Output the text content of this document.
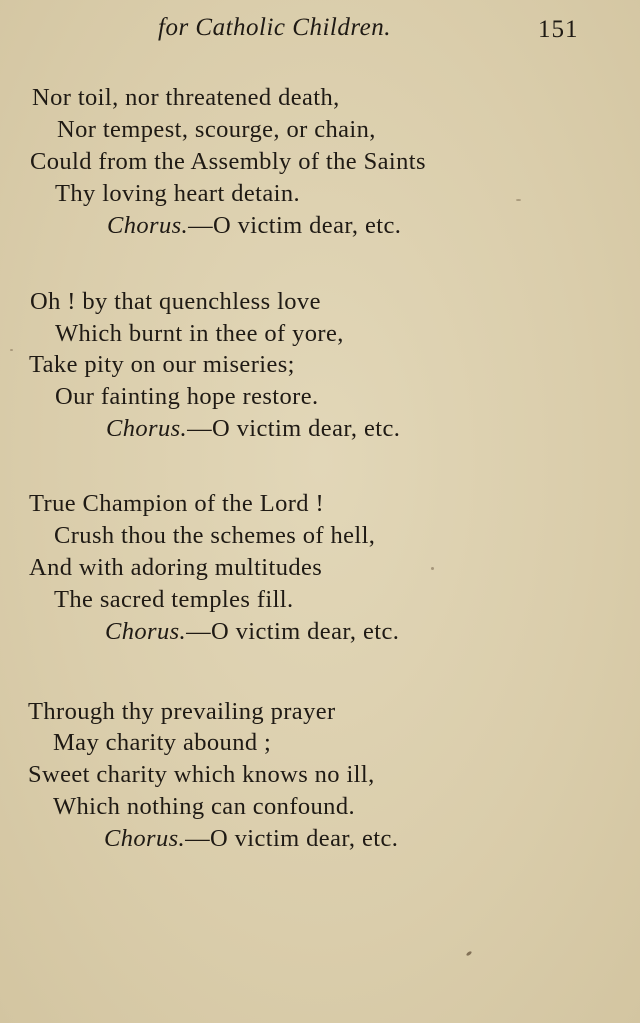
for Catholic Children.	151
Nor toil, nor threatened death,
Nor tempest, scourge, or chain,
Could from the Assembly of the Saints
Thy loving heart detain.
Chorus.—O victim dear, etc.
Oh ! by that quenchless love
Which burnt in thee of yore,
Take pity on our miseries;
Our fainting hope restore.
Chorus.—O victim dear, etc.
True Champion of the Lord !
Crush thou the schemes of hell,
And with adoring multitudes
The sacred temples fill.
Chorus.—O victim dear, etc.
Through thy prevailing prayer
May charity abound ;
Sweet charity which knows no ill,
Which nothing can confound.
Chorus.—O victim dear, etc.
